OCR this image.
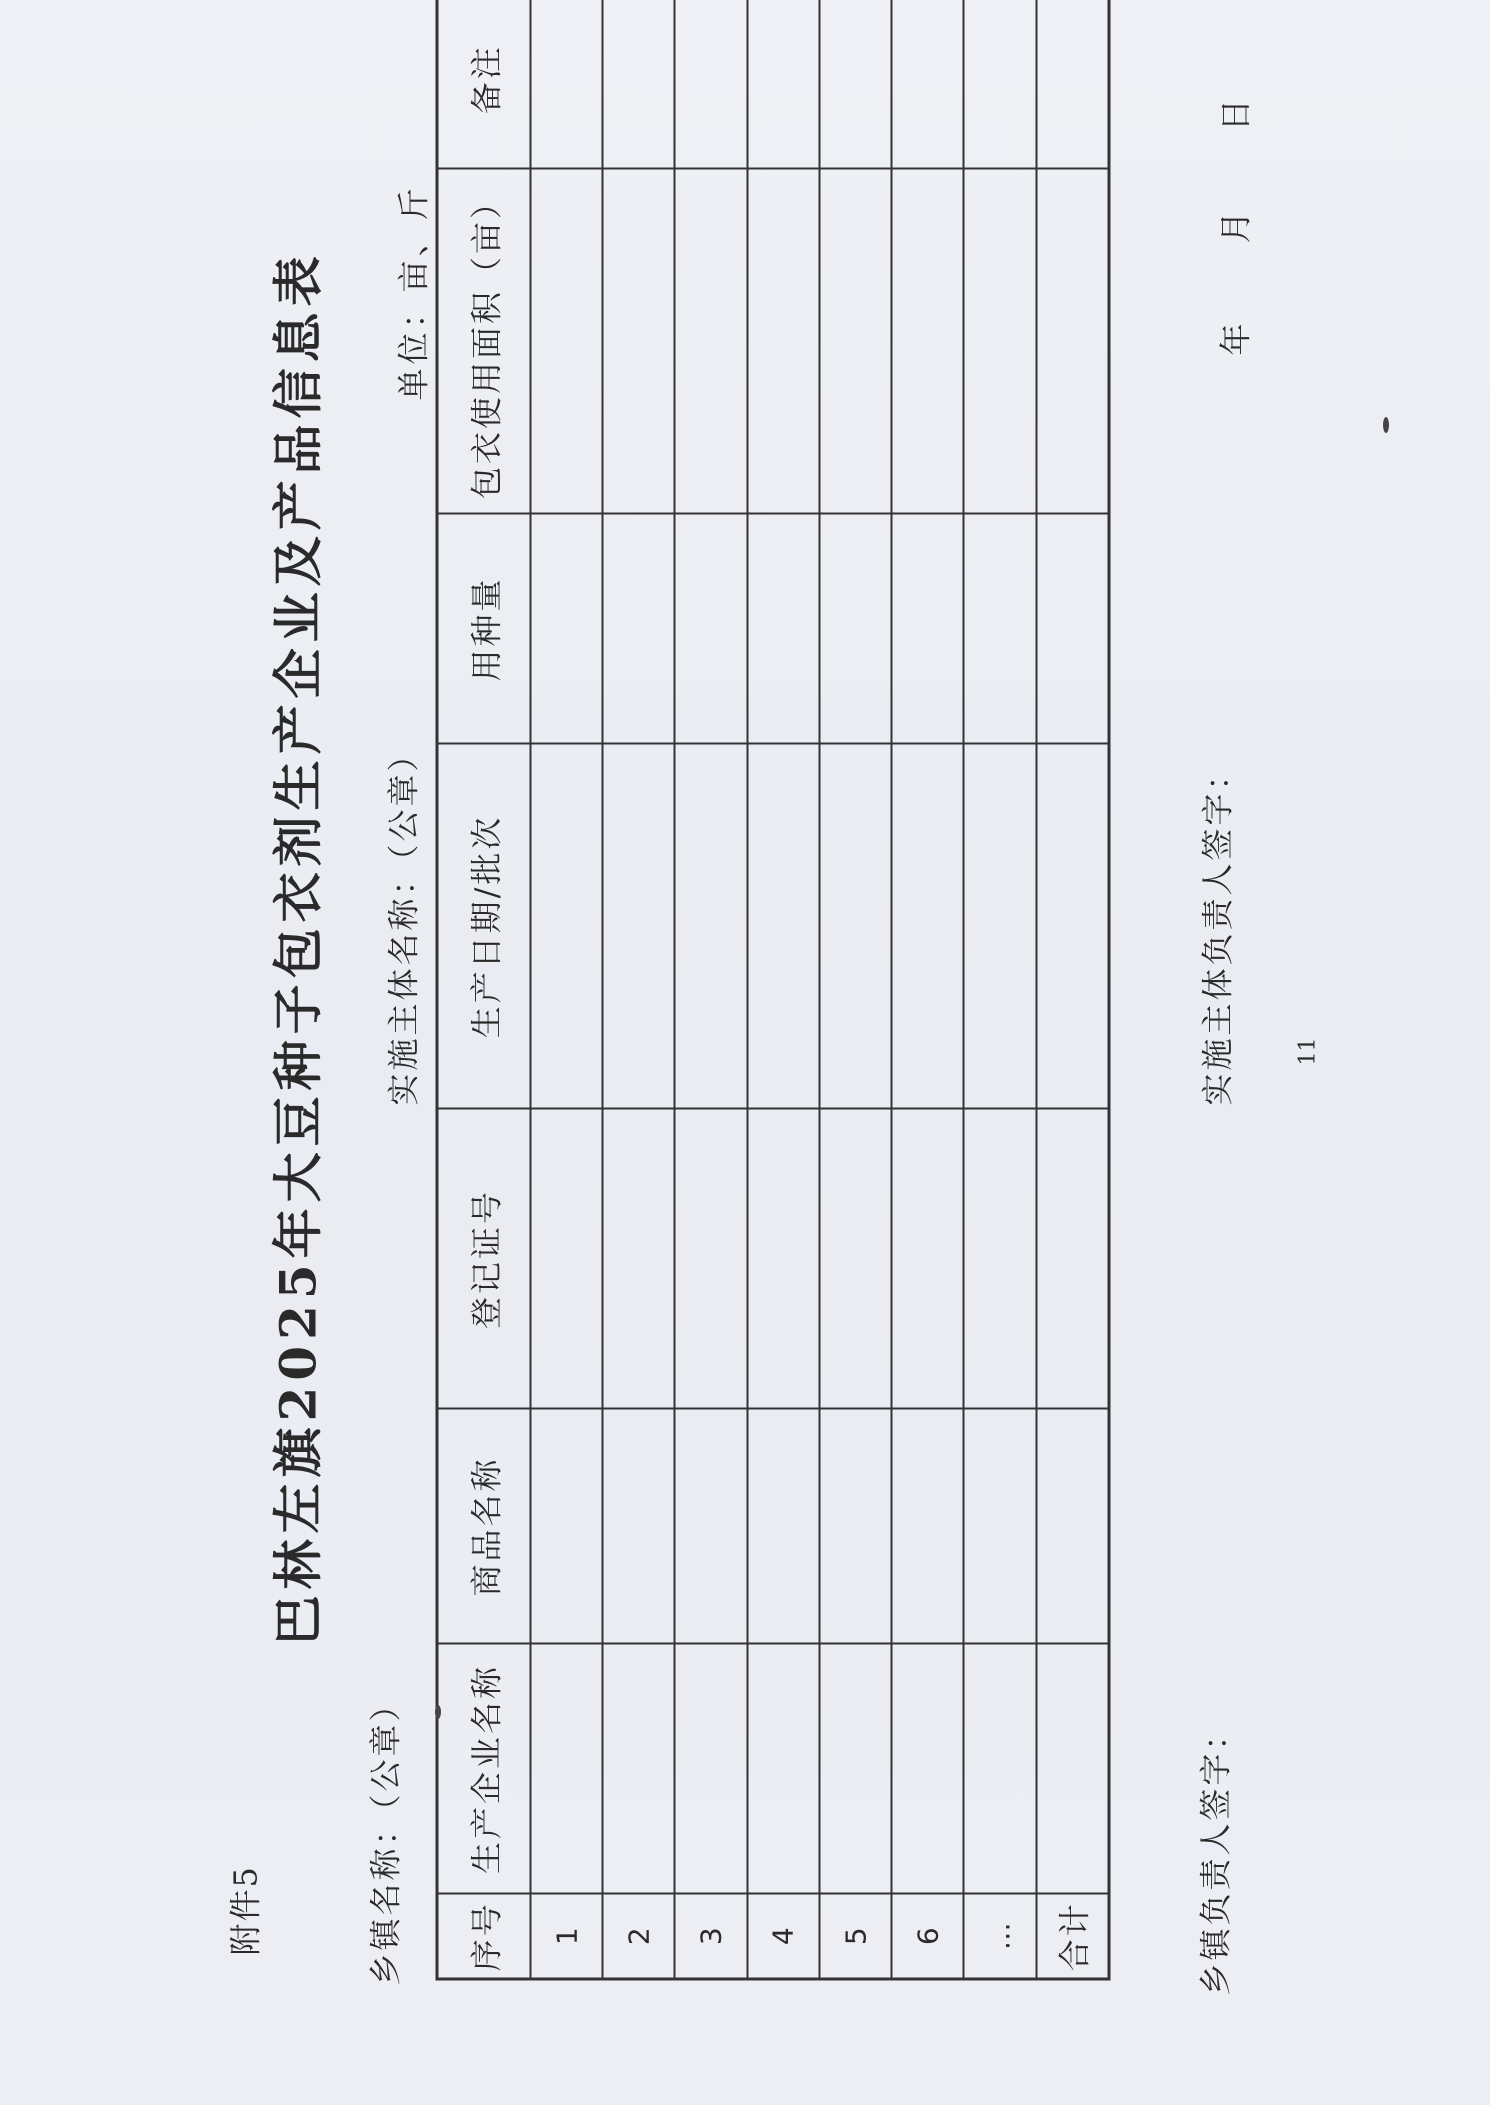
附件5
巴林左旗2025年大豆种子包衣剂生产企业及产品信息表
乡镇名称：（公章）
实施主体名称：（公章）
单位：亩、斤
序号	生产企业名称	商品名称	登记证号	生产日期/批次	用种量	包衣使用面积（亩）	备注
1							
2							
3							
4							
5							
6							
…							
合计								乡镇负责人签字：
实施主体负责人签字：
年 月 日
11
